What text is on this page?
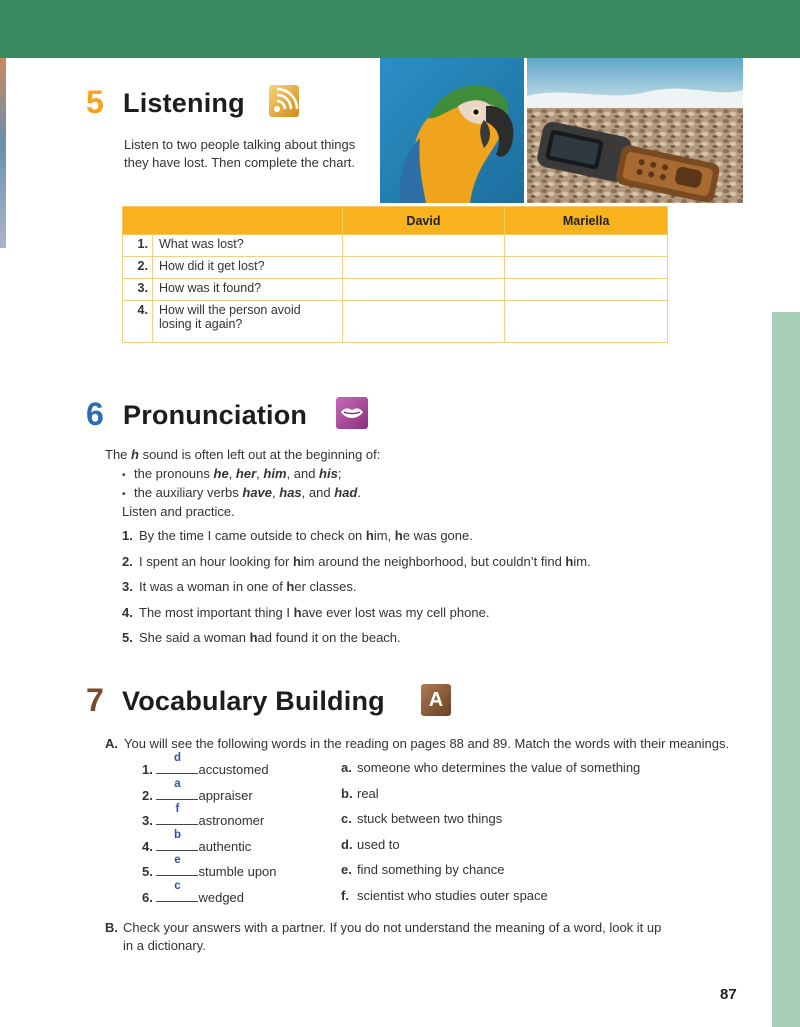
5 Listening
Listen to two people talking about things
they have lost. Then complete the chart.
		David	Mariella
1.	What was lost?		
2.	How did it get lost?		
3.	How was it found?		
4.	How will the person avoid
losing it again?		

6 Pronunciation
The h sound is often left out at the beginning of:
• the pronouns he, her, him, and his;
• the auxiliary verbs have, has, and had.
Listen and practice.
1. By the time I came outside to check on him, he was gone.
2. I spent an hour looking for him around the neighborhood, but couldn’t find him.
3. It was a woman in one of her classes.
4. The most important thing I have ever lost was my cell phone.
5. She said a woman had found it on the beach.
7 Vocabulary Building	A
A. You will see the following words in the reading on pages 88 and 89. Match the words with their meanings.
1.
d
accustomed	a. someone who determines the value of something
2.
a
appraiser	b. real
3.
f
astronomer	c. stuck between two things
4.
b
authentic	d. used to
5.
e
stumble upon	e. find something by chance
6.
c
wedged	f. scientist who studies outer space
B. Check your answers with a partner. If you do not understand the meaning of a word, look it up
in a dictionary.
87
